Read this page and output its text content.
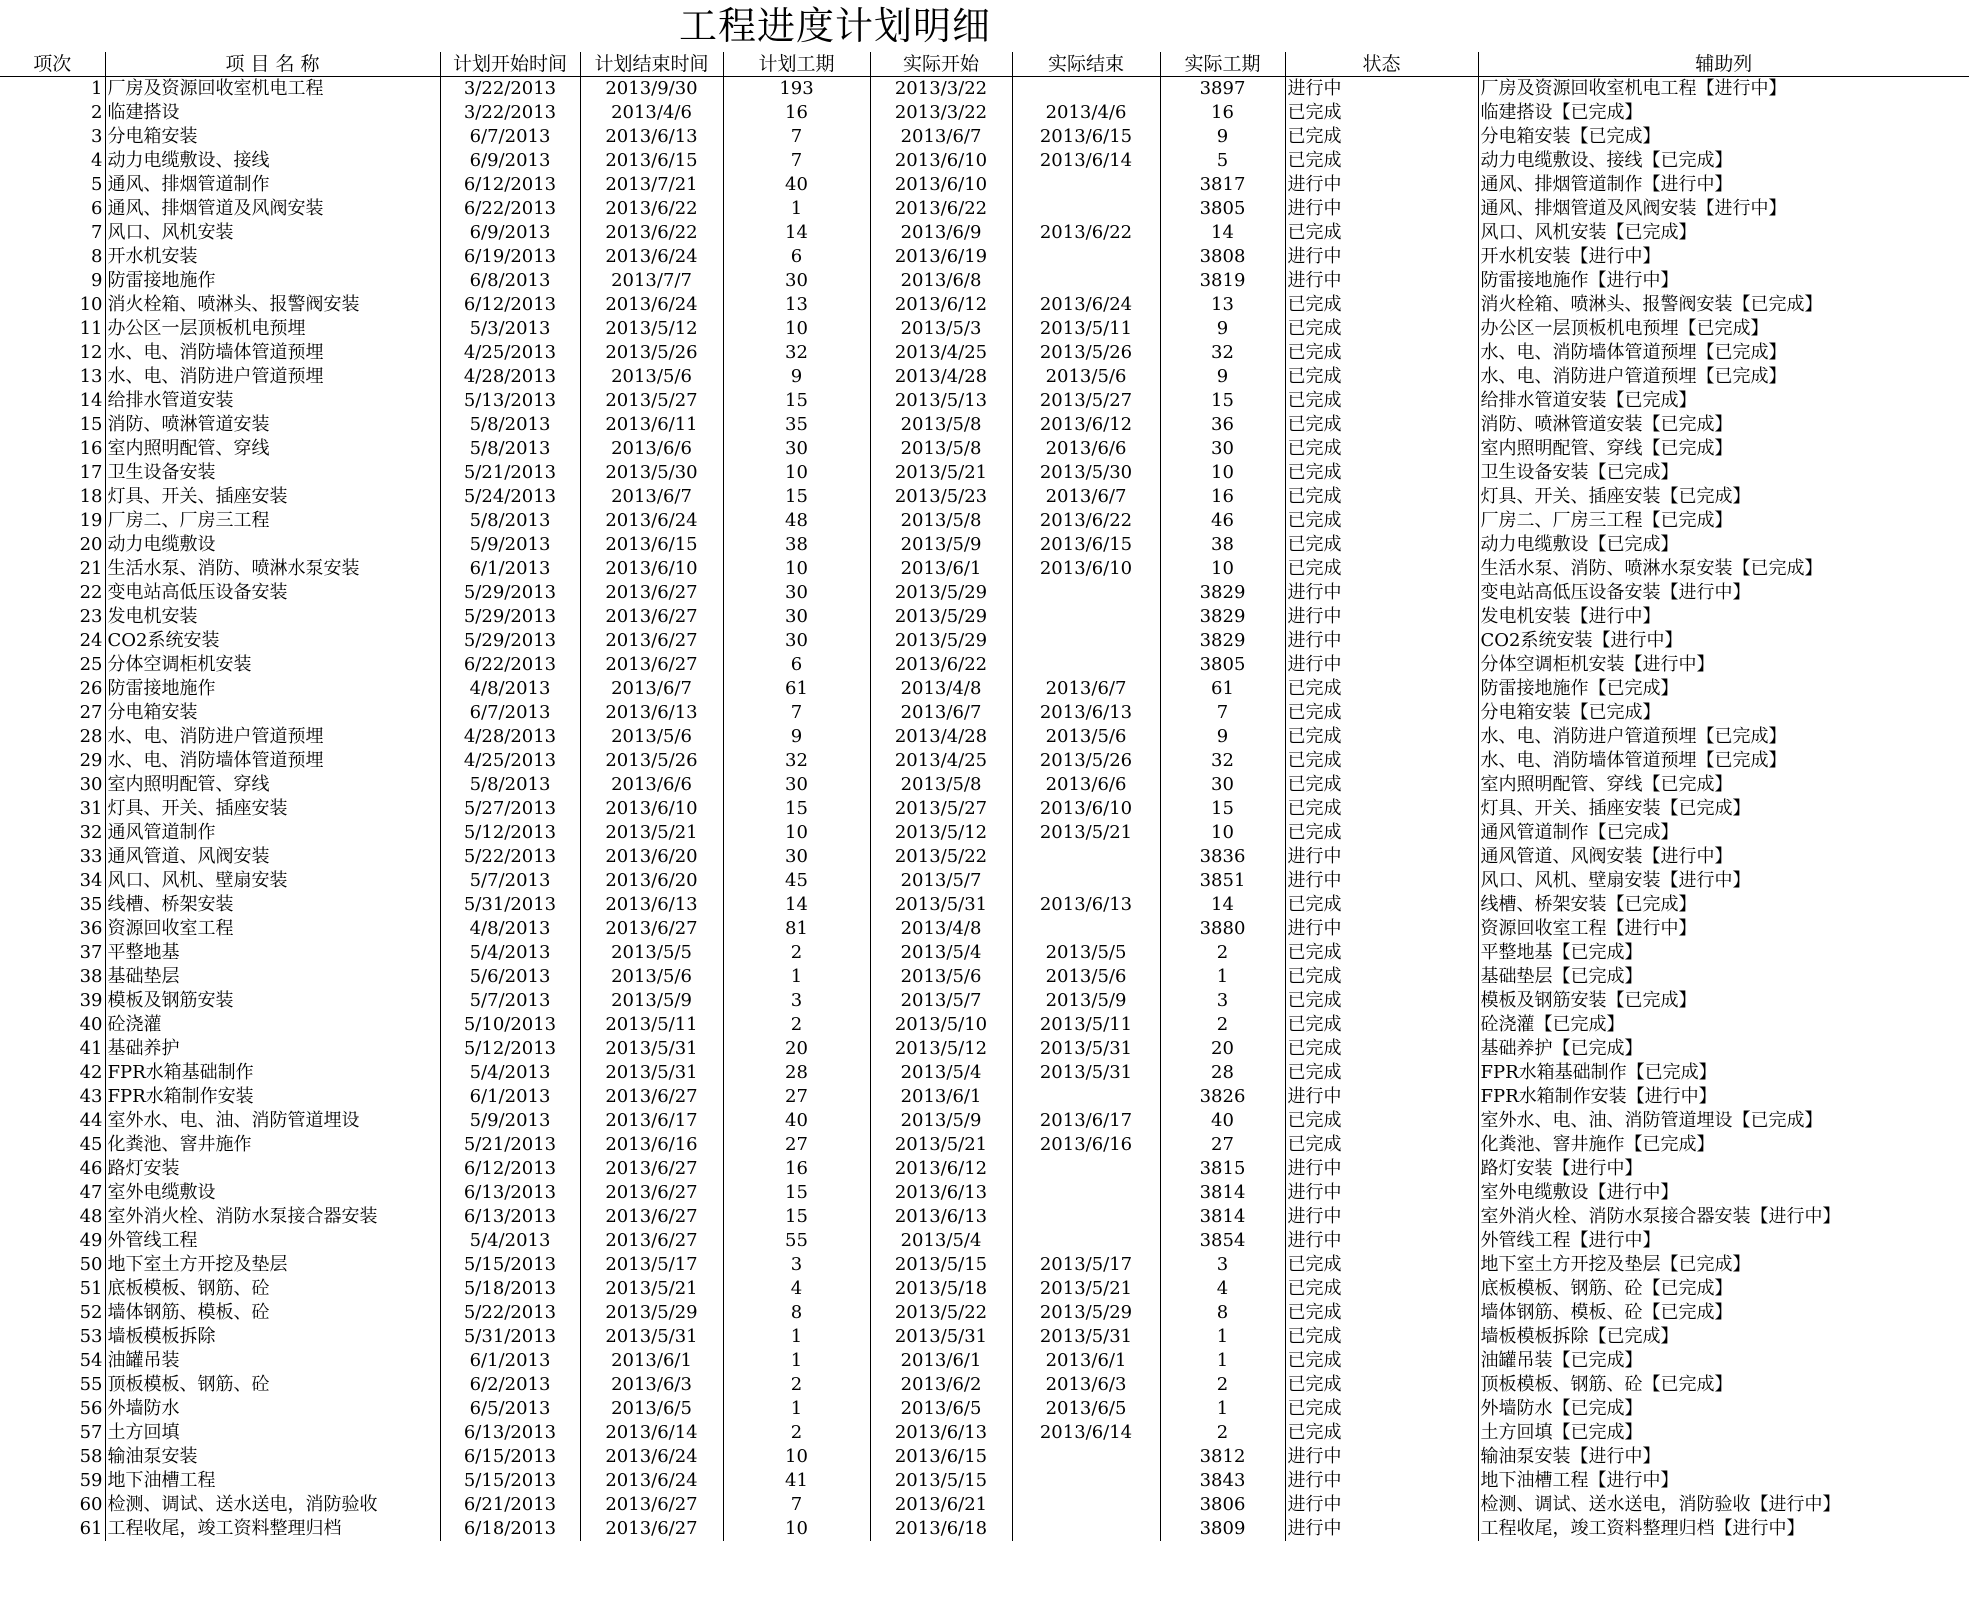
工程进度计划明细
项次	项 目 名 称	计划开始时间	计划结束时间	计划工期	实际开始	实际结束	实际工期	状态	辅助列
1	厂房及资源回收室机电工程	3/22/2013	2013/9/30	193	2013/3/22		3897	进行中	厂房及资源回收室机电工程【进行中】
2	临建搭设	3/22/2013	2013/4/6	16	2013/3/22	2013/4/6	16	已完成	临建搭设【已完成】
3	分电箱安装	6/7/2013	2013/6/13	7	2013/6/7	2013/6/15	9	已完成	分电箱安装【已完成】
4	动力电缆敷设、接线	6/9/2013	2013/6/15	7	2013/6/10	2013/6/14	5	已完成	动力电缆敷设、接线【已完成】
5	通风、排烟管道制作	6/12/2013	2013/7/21	40	2013/6/10		3817	进行中	通风、排烟管道制作【进行中】
6	通风、排烟管道及风阀安装	6/22/2013	2013/6/22	1	2013/6/22		3805	进行中	通风、排烟管道及风阀安装【进行中】
7	风口、风机安装	6/9/2013	2013/6/22	14	2013/6/9	2013/6/22	14	已完成	风口、风机安装【已完成】
8	开水机安装	6/19/2013	2013/6/24	6	2013/6/19		3808	进行中	开水机安装【进行中】
9	防雷接地施作	6/8/2013	2013/7/7	30	2013/6/8		3819	进行中	防雷接地施作【进行中】
10	消火栓箱、喷淋头、报警阀安装	6/12/2013	2013/6/24	13	2013/6/12	2013/6/24	13	已完成	消火栓箱、喷淋头、报警阀安装【已完成】
11	办公区一层顶板机电预埋	5/3/2013	2013/5/12	10	2013/5/3	2013/5/11	9	已完成	办公区一层顶板机电预埋【已完成】
12	水、电、消防墙体管道预埋	4/25/2013	2013/5/26	32	2013/4/25	2013/5/26	32	已完成	水、电、消防墙体管道预埋【已完成】
13	水、电、消防进户管道预埋	4/28/2013	2013/5/6	9	2013/4/28	2013/5/6	9	已完成	水、电、消防进户管道预埋【已完成】
14	给排水管道安装	5/13/2013	2013/5/27	15	2013/5/13	2013/5/27	15	已完成	给排水管道安装【已完成】
15	消防、喷淋管道安装	5/8/2013	2013/6/11	35	2013/5/8	2013/6/12	36	已完成	消防、喷淋管道安装【已完成】
16	室内照明配管、穿线	5/8/2013	2013/6/6	30	2013/5/8	2013/6/6	30	已完成	室内照明配管、穿线【已完成】
17	卫生设备安装	5/21/2013	2013/5/30	10	2013/5/21	2013/5/30	10	已完成	卫生设备安装【已完成】
18	灯具、开关、插座安装	5/24/2013	2013/6/7	15	2013/5/23	2013/6/7	16	已完成	灯具、开关、插座安装【已完成】
19	厂房二、厂房三工程	5/8/2013	2013/6/24	48	2013/5/8	2013/6/22	46	已完成	厂房二、厂房三工程【已完成】
20	动力电缆敷设	5/9/2013	2013/6/15	38	2013/5/9	2013/6/15	38	已完成	动力电缆敷设【已完成】
21	生活水泵、消防、喷淋水泵安装	6/1/2013	2013/6/10	10	2013/6/1	2013/6/10	10	已完成	生活水泵、消防、喷淋水泵安装【已完成】
22	变电站高低压设备安装	5/29/2013	2013/6/27	30	2013/5/29		3829	进行中	变电站高低压设备安装【进行中】
23	发电机安装	5/29/2013	2013/6/27	30	2013/5/29		3829	进行中	发电机安装【进行中】
24	CO2系统安装	5/29/2013	2013/6/27	30	2013/5/29		3829	进行中	CO2系统安装【进行中】
25	分体空调柜机安装	6/22/2013	2013/6/27	6	2013/6/22		3805	进行中	分体空调柜机安装【进行中】
26	防雷接地施作	4/8/2013	2013/6/7	61	2013/4/8	2013/6/7	61	已完成	防雷接地施作【已完成】
27	分电箱安装	6/7/2013	2013/6/13	7	2013/6/7	2013/6/13	7	已完成	分电箱安装【已完成】
28	水、电、消防进户管道预埋	4/28/2013	2013/5/6	9	2013/4/28	2013/5/6	9	已完成	水、电、消防进户管道预埋【已完成】
29	水、电、消防墙体管道预埋	4/25/2013	2013/5/26	32	2013/4/25	2013/5/26	32	已完成	水、电、消防墙体管道预埋【已完成】
30	室内照明配管、穿线	5/8/2013	2013/6/6	30	2013/5/8	2013/6/6	30	已完成	室内照明配管、穿线【已完成】
31	灯具、开关、插座安装	5/27/2013	2013/6/10	15	2013/5/27	2013/6/10	15	已完成	灯具、开关、插座安装【已完成】
32	通风管道制作	5/12/2013	2013/5/21	10	2013/5/12	2013/5/21	10	已完成	通风管道制作【已完成】
33	通风管道、风阀安装	5/22/2013	2013/6/20	30	2013/5/22		3836	进行中	通风管道、风阀安装【进行中】
34	风口、风机、壁扇安装	5/7/2013	2013/6/20	45	2013/5/7		3851	进行中	风口、风机、壁扇安装【进行中】
35	线槽、桥架安装	5/31/2013	2013/6/13	14	2013/5/31	2013/6/13	14	已完成	线槽、桥架安装【已完成】
36	资源回收室工程	4/8/2013	2013/6/27	81	2013/4/8		3880	进行中	资源回收室工程【进行中】
37	平整地基	5/4/2013	2013/5/5	2	2013/5/4	2013/5/5	2	已完成	平整地基【已完成】
38	基础垫层	5/6/2013	2013/5/6	1	2013/5/6	2013/5/6	1	已完成	基础垫层【已完成】
39	模板及钢筋安装	5/7/2013	2013/5/9	3	2013/5/7	2013/5/9	3	已完成	模板及钢筋安装【已完成】
40	砼浇灌	5/10/2013	2013/5/11	2	2013/5/10	2013/5/11	2	已完成	砼浇灌【已完成】
41	基础养护	5/12/2013	2013/5/31	20	2013/5/12	2013/5/31	20	已完成	基础养护【已完成】
42	FPR水箱基础制作	5/4/2013	2013/5/31	28	2013/5/4	2013/5/31	28	已完成	FPR水箱基础制作【已完成】
43	FPR水箱制作安装	6/1/2013	2013/6/27	27	2013/6/1		3826	进行中	FPR水箱制作安装【进行中】
44	室外水、电、油、消防管道埋设	5/9/2013	2013/6/17	40	2013/5/9	2013/6/17	40	已完成	室外水、电、油、消防管道埋设【已完成】
45	化粪池、窨井施作	5/21/2013	2013/6/16	27	2013/5/21	2013/6/16	27	已完成	化粪池、窨井施作【已完成】
46	路灯安装	6/12/2013	2013/6/27	16	2013/6/12		3815	进行中	路灯安装【进行中】
47	室外电缆敷设	6/13/2013	2013/6/27	15	2013/6/13		3814	进行中	室外电缆敷设【进行中】
48	室外消火栓、消防水泵接合器安装	6/13/2013	2013/6/27	15	2013/6/13		3814	进行中	室外消火栓、消防水泵接合器安装【进行中】
49	外管线工程	5/4/2013	2013/6/27	55	2013/5/4		3854	进行中	外管线工程【进行中】
50	地下室土方开挖及垫层	5/15/2013	2013/5/17	3	2013/5/15	2013/5/17	3	已完成	地下室土方开挖及垫层【已完成】
51	底板模板、钢筋、砼	5/18/2013	2013/5/21	4	2013/5/18	2013/5/21	4	已完成	底板模板、钢筋、砼【已完成】
52	墙体钢筋、模板、砼	5/22/2013	2013/5/29	8	2013/5/22	2013/5/29	8	已完成	墙体钢筋、模板、砼【已完成】
53	墙板模板拆除	5/31/2013	2013/5/31	1	2013/5/31	2013/5/31	1	已完成	墙板模板拆除【已完成】
54	油罐吊装	6/1/2013	2013/6/1	1	2013/6/1	2013/6/1	1	已完成	油罐吊装【已完成】
55	顶板模板、钢筋、砼	6/2/2013	2013/6/3	2	2013/6/2	2013/6/3	2	已完成	顶板模板、钢筋、砼【已完成】
56	外墙防水	6/5/2013	2013/6/5	1	2013/6/5	2013/6/5	1	已完成	外墙防水【已完成】
57	土方回填	6/13/2013	2013/6/14	2	2013/6/13	2013/6/14	2	已完成	土方回填【已完成】
58	输油泵安装	6/15/2013	2013/6/24	10	2013/6/15		3812	进行中	输油泵安装【进行中】
59	地下油槽工程	5/15/2013	2013/6/24	41	2013/5/15		3843	进行中	地下油槽工程【进行中】
60	检测、调试、送水送电，消防验收	6/21/2013	2013/6/27	7	2013/6/21		3806	进行中	检测、调试、送水送电，消防验收【进行中】
61	工程收尾，竣工资料整理归档	6/18/2013	2013/6/27	10	2013/6/18		3809	进行中	工程收尾，竣工资料整理归档【进行中】
